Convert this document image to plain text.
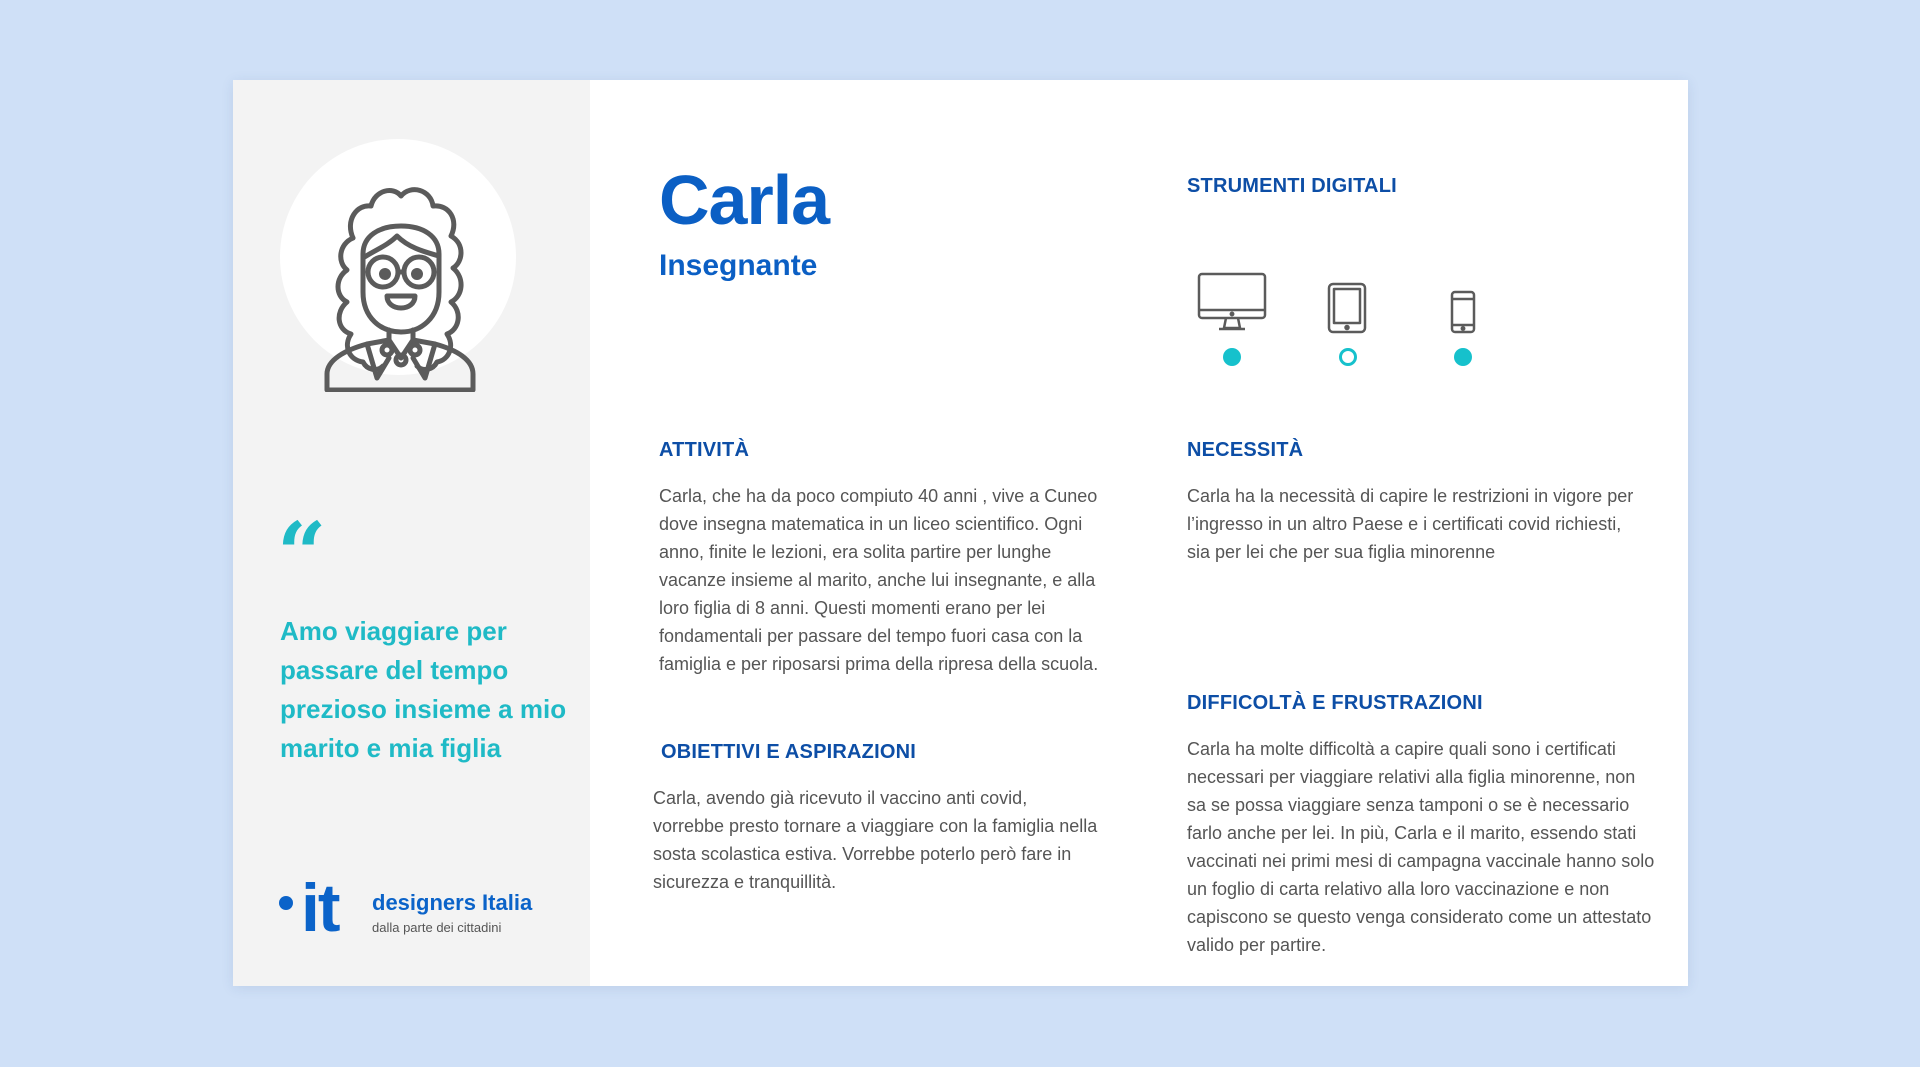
“

Amo viaggiare per passare del tempo prezioso insieme a mio marito e mia figlia

it designers Italia
dalla parte dei cittadini
Carla
Insegnante
STRUMENTI DIGITALI
ATTIVITÀ

Carla, che ha da poco compiuto 40 anni , vive a Cuneo dove insegna matematica in un liceo scientifico. Ogni anno, finite le lezioni, era solita partire per lunghe vacanze insieme al marito, anche lui insegnante, e alla loro figlia di 8 anni. Questi momenti erano per lei fondamentali per passare del tempo fuori casa con la famiglia e per riposarsi prima della ripresa della scuola.

OBIETTIVI E ASPIRAZIONI

Carla, avendo già ricevuto il vaccino anti covid, vorrebbe presto tornare a viaggiare con la famiglia nella sosta scolastica estiva. Vorrebbe poterlo però fare in sicurezza e tranquillità.

NECESSITÀ

Carla ha la necessità di capire le restrizioni in vigore per l’ingresso in un altro Paese e i certificati covid richiesti, sia per lei che per sua figlia minorenne

DIFFICOLTÀ E FRUSTRAZIONI

Carla ha molte difficoltà a capire quali sono i certificati necessari per viaggiare relativi alla figlia minorenne, non sa se possa viaggiare senza tamponi o se è necessario farlo anche per lei. In più, Carla e il marito, essendo stati vaccinati nei primi mesi di campagna vaccinale hanno solo un foglio di carta relativo alla loro vaccinazione e non capiscono se questo venga considerato come un attestato valido per partire.
